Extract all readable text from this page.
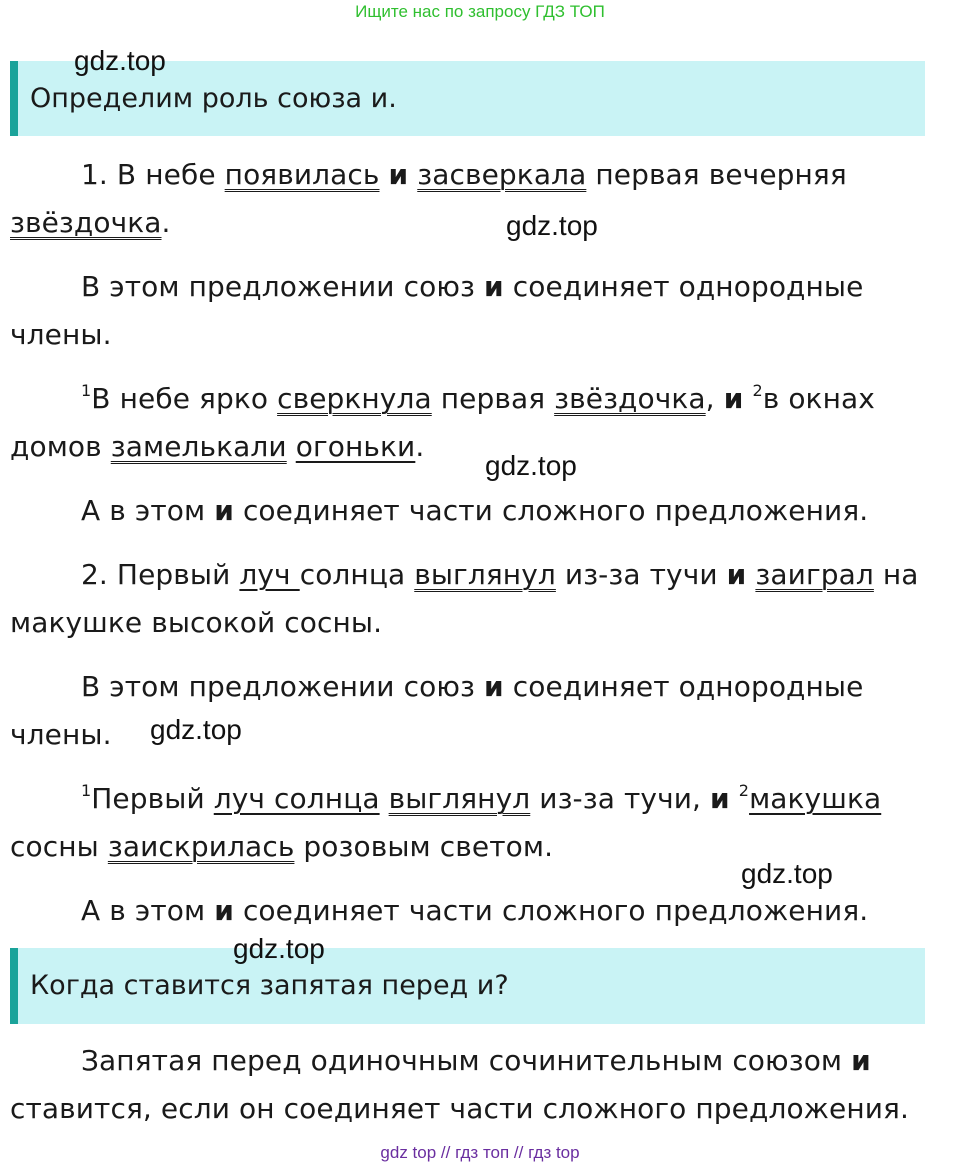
Ищите нас по запросу ГДЗ ТОП
Определим роль союза и.
1. В небе появилась и засверкала первая вечерняя
звёздочка.
В этом предложении союз и соединяет однородные
члены.
$^1$В небе ярко сверкнула первая звёздочка, и $^2$в окнах
домов замелькали огоньки.
А в этом и соединяет части сложного предложения.
2. Первый луч солнца выглянул из-за тучи и заиграл на
макушке высокой сосны.
В этом предложении союз и соединяет однородные
члены.
$^1$Первый луч солнца выглянул из-за тучи, и $^2$макушка
сосны заискрилась розовым светом.
А в этом и соединяет части сложного предложения.
Когда ставится запятая перед и?
Запятая перед одиночным сочинительным союзом и
ставится, если он соединяет части сложного предложения.
gdz.top
gdz.top
gdz.top
gdz.top
gdz.top
gdz.top
gdz top // гдз топ // гдз top
